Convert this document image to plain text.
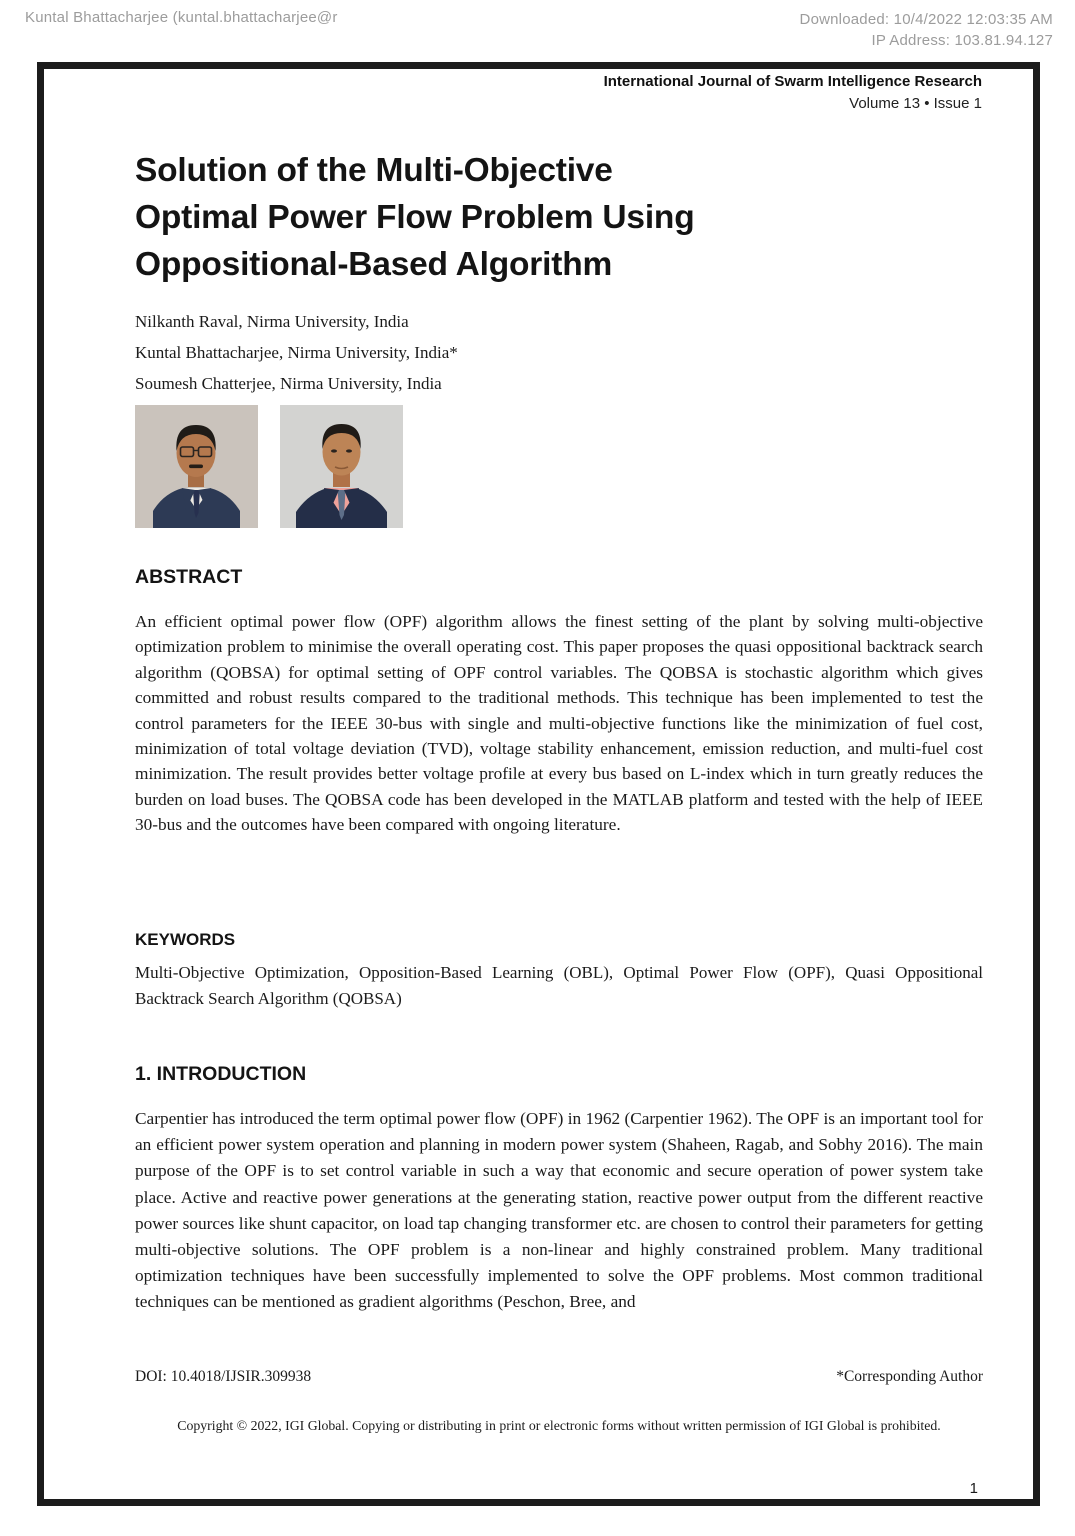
Kuntal Bhattacharjee (kuntal.bhattacharjee@r	Downloaded: 10/4/2022 12:03:35 AM
IP Address: 103.81.94.127
International Journal of Swarm Intelligence Research
Volume 13 • Issue 1
Solution of the Multi-Objective
Optimal Power Flow Problem Using
Oppositional-Based Algorithm
Nilkanth Raval, Nirma University, India
Kuntal Bhattacharjee, Nirma University, India*
Soumesh Chatterjee, Nirma University, India
ABSTRACT
An efficient optimal power flow (OPF) algorithm allows the finest setting of the plant by solving multi-objective optimization problem to minimise the overall operating cost. This paper proposes the quasi oppositional backtrack search algorithm (QOBSA) for optimal setting of OPF control variables. The QOBSA is stochastic algorithm which gives committed and robust results compared to the traditional methods. This technique has been implemented to test the control parameters for the IEEE 30-bus with single and multi-objective functions like the minimization of fuel cost, minimization of total voltage deviation (TVD), voltage stability enhancement, emission reduction, and multi-fuel cost minimization. The result provides better voltage profile at every bus based on L-index which in turn greatly reduces the burden on load buses. The QOBSA code has been developed in the MATLAB platform and tested with the help of IEEE 30-bus and the outcomes have been compared with ongoing literature.
KEYWORDS
Multi-Objective Optimization, Opposition-Based Learning (OBL), Optimal Power Flow (OPF), Quasi Oppositional Backtrack Search Algorithm (QOBSA)
1. INTRODUCTION
Carpentier has introduced the term optimal power flow (OPF) in 1962 (Carpentier 1962). The OPF is an important tool for an efficient power system operation and planning in modern power system (Shaheen, Ragab, and Sobhy 2016). The main purpose of the OPF is to set control variable in such a way that economic and secure operation of power system take place. Active and reactive power generations at the generating station, reactive power output from the different reactive power sources like shunt capacitor, on load tap changing transformer etc. are chosen to control their parameters for getting multi-objective solutions. The OPF problem is a non-linear and highly constrained problem. Many traditional optimization techniques have been successfully implemented to solve the OPF problems. Most common traditional techniques can be mentioned as gradient algorithms (Peschon, Bree, and
DOI: 10.4018/IJSIR.309938	*Corresponding Author
Copyright © 2022, IGI Global. Copying or distributing in print or electronic forms without written permission of IGI Global is prohibited.
1
